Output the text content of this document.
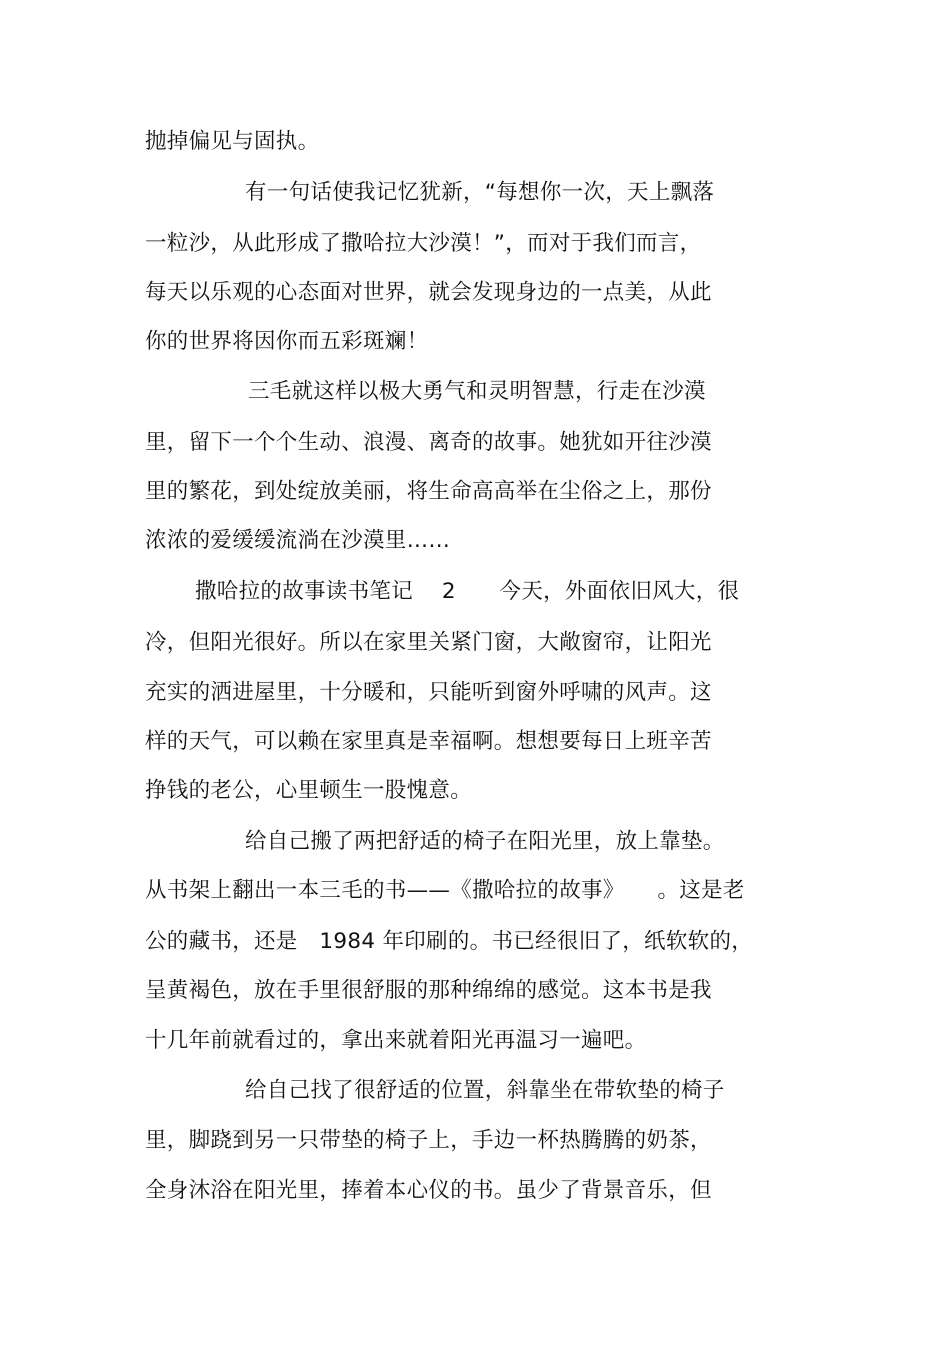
抛掉偏见与固执。
有一句话使我记忆犹新，“每想你一次，天上飘落
一粒沙，从此形成了撒哈拉大沙漠！”，而对于我们而言，
每天以乐观的心态面对世界，就会发现身边的一点美，从此
你的世界将因你而五彩斑斓！
三毛就这样以极大勇气和灵明智慧，行走在沙漠
里，留下一个个生动、浪漫、离奇的故事。她犹如开往沙漠
里的繁花，到处绽放美丽，将生命高高举在尘俗之上，那份
浓浓的爱缓缓流淌在沙漠里……
撒哈拉的故事读书笔记　 2　　今天，外面依旧风大，很
冷，但阳光很好。所以在家里关紧门窗，大敞窗帘，让阳光
充实的洒进屋里，十分暖和，只能听到窗外呼啸的风声。这
样的天气，可以赖在家里真是幸福啊。想想要每日上班辛苦
挣钱的老公，心里顿生一股愧意。
给自己搬了两把舒适的椅子在阳光里，放上靠垫。
从书架上翻出一本三毛的书——《撒哈拉的故事》　　。这是老
公的藏书，还是　1984 年印刷的。书已经很旧了，纸软软的，
呈黄褐色，放在手里很舒服的那种绵绵的感觉。这本书是我
十几年前就看过的，拿出来就着阳光再温习一遍吧。
给自己找了很舒适的位置，斜靠坐在带软垫的椅子
里，脚跷到另一只带垫的椅子上，手边一杯热腾腾的奶茶，
全身沐浴在阳光里，捧着本心仪的书。虽少了背景音乐，但
